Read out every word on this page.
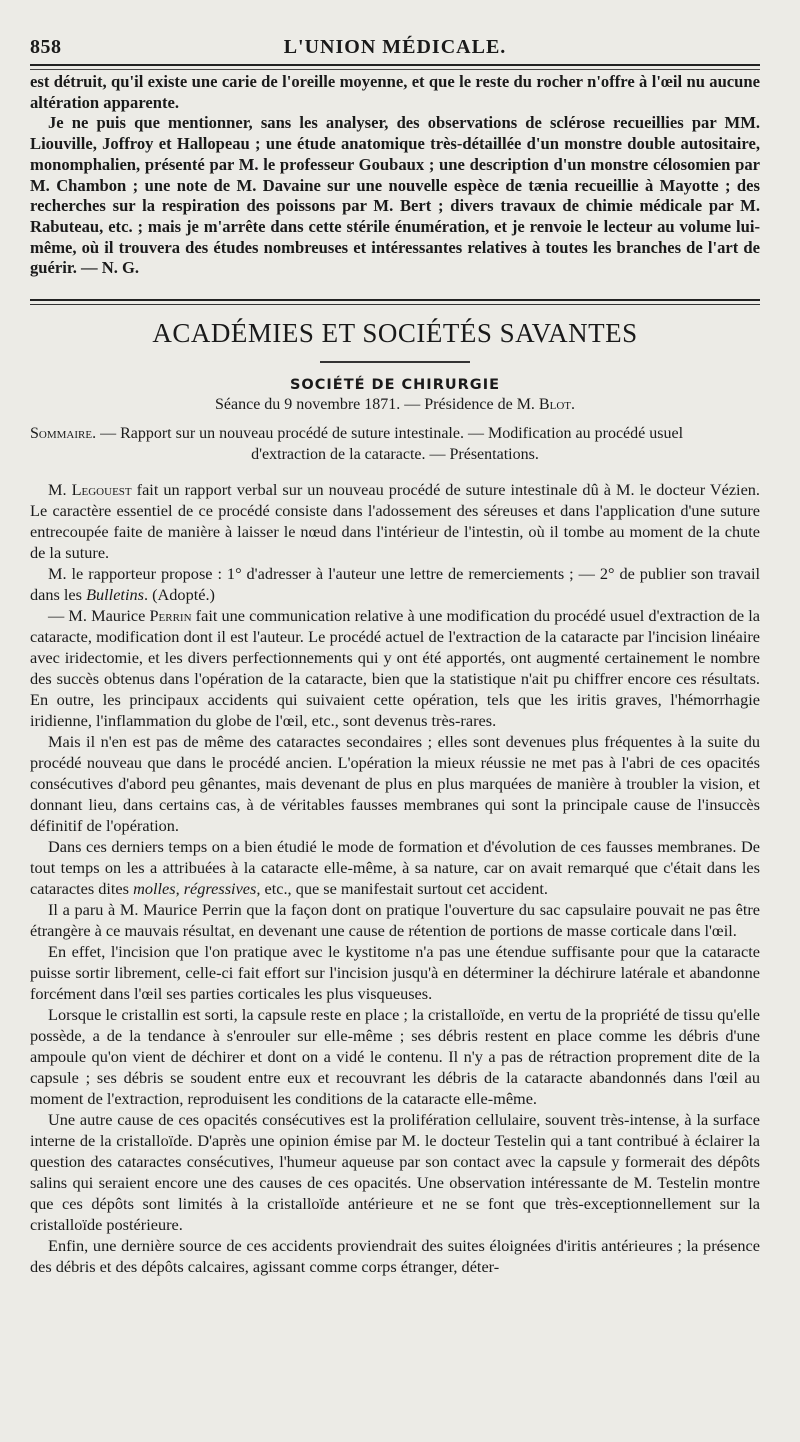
858	L'UNION MÉDICALE.

est détruit, qu'il existe une carie de l'oreille moyenne, et que le reste du rocher n'offre à l'œil nu aucune altération apparente.

Je ne puis que mentionner, sans les analyser, des observations de sclérose recueillies par MM. Liouville, Joffroy et Hallopeau ; une étude anatomique très-détaillée d'un monstre double autositaire, monomphalien, présenté par M. le professeur Goubaux ; une description d'un monstre célosomien par M. Chambon ; une note de M. Davaine sur une nouvelle espèce de tænia recueillie à Mayotte ; des recherches sur la respiration des poissons par M. Bert ; divers travaux de chimie médicale par M. Rabuteau, etc. ; mais je m'arrête dans cette stérile énumération, et je renvoie le lecteur au volume lui-même, où il trouvera des études nombreuses et intéressantes relatives à toutes les branches de l'art de guérir. — N. G.

ACADÉMIES ET SOCIÉTÉS SAVANTES
SOCIÉTÉ DE CHIRURGIE
Séance du 9 novembre 1871. — Présidence de M. Blot.
Sommaire. — Rapport sur un nouveau procédé de suture intestinale. — Modification au procédé usuel
d'extraction de la cataracte. — Présentations.

M. Legouest fait un rapport verbal sur un nouveau procédé de suture intestinale dû à M. le docteur Vézien. Le caractère essentiel de ce procédé consiste dans l'adossement des séreuses et dans l'application d'une suture entrecoupée faite de manière à laisser le nœud dans l'intérieur de l'intestin, où il tombe au moment de la chute de la suture.

M. le rapporteur propose : 1° d'adresser à l'auteur une lettre de remerciements ; — 2° de publier son travail dans les Bulletins. (Adopté.)

— M. Maurice Perrin fait une communication relative à une modification du procédé usuel d'extraction de la cataracte, modification dont il est l'auteur. Le procédé actuel de l'extraction de la cataracte par l'incision linéaire avec iridectomie, et les divers perfectionnements qui y ont été apportés, ont augmenté certainement le nombre des succès obtenus dans l'opération de la cataracte, bien que la statistique n'ait pu chiffrer encore ces résultats. En outre, les principaux accidents qui suivaient cette opération, tels que les iritis graves, l'hémorrhagie iridienne, l'inflammation du globe de l'œil, etc., sont devenus très-rares.

Mais il n'en est pas de même des cataractes secondaires ; elles sont devenues plus fréquentes à la suite du procédé nouveau que dans le procédé ancien. L'opération la mieux réussie ne met pas à l'abri de ces opacités consécutives d'abord peu gênantes, mais devenant de plus en plus marquées de manière à troubler la vision, et donnant lieu, dans certains cas, à de véritables fausses membranes qui sont la principale cause de l'insuccès définitif de l'opération.

Dans ces derniers temps on a bien étudié le mode de formation et d'évolution de ces fausses membranes. De tout temps on les a attribuées à la cataracte elle-même, à sa nature, car on avait remarqué que c'était dans les cataractes dites molles, régressives, etc., que se manifestait surtout cet accident.

Il a paru à M. Maurice Perrin que la façon dont on pratique l'ouverture du sac capsulaire pouvait ne pas être étrangère à ce mauvais résultat, en devenant une cause de rétention de portions de masse corticale dans l'œil.

En effet, l'incision que l'on pratique avec le kystitome n'a pas une étendue suffisante pour que la cataracte puisse sortir librement, celle-ci fait effort sur l'incision jusqu'à en déterminer la déchirure latérale et abandonne forcément dans l'œil ses parties corticales les plus visqueuses.

Lorsque le cristallin est sorti, la capsule reste en place ; la cristalloïde, en vertu de la propriété de tissu qu'elle possède, a de la tendance à s'enrouler sur elle-même ; ses débris restent en place comme les débris d'une ampoule qu'on vient de déchirer et dont on a vidé le contenu. Il n'y a pas de rétraction proprement dite de la capsule ; ses débris se soudent entre eux et recouvrant les débris de la cataracte abandonnés dans l'œil au moment de l'extraction, reproduisent les conditions de la cataracte elle-même.

Une autre cause de ces opacités consécutives est la prolifération cellulaire, souvent très-intense, à la surface interne de la cristalloïde. D'après une opinion émise par M. le docteur Testelin qui a tant contribué à éclairer la question des cataractes consécutives, l'humeur aqueuse par son contact avec la capsule y formerait des dépôts salins qui seraient encore une des causes de ces opacités. Une observation intéressante de M. Testelin montre que ces dépôts sont limités à la cristalloïde antérieure et ne se font que très-exceptionnellement sur la cristalloïde postérieure.

Enfin, une dernière source de ces accidents proviendrait des suites éloignées d'iritis antérieures ; la présence des débris et des dépôts calcaires, agissant comme corps étranger, déter-
